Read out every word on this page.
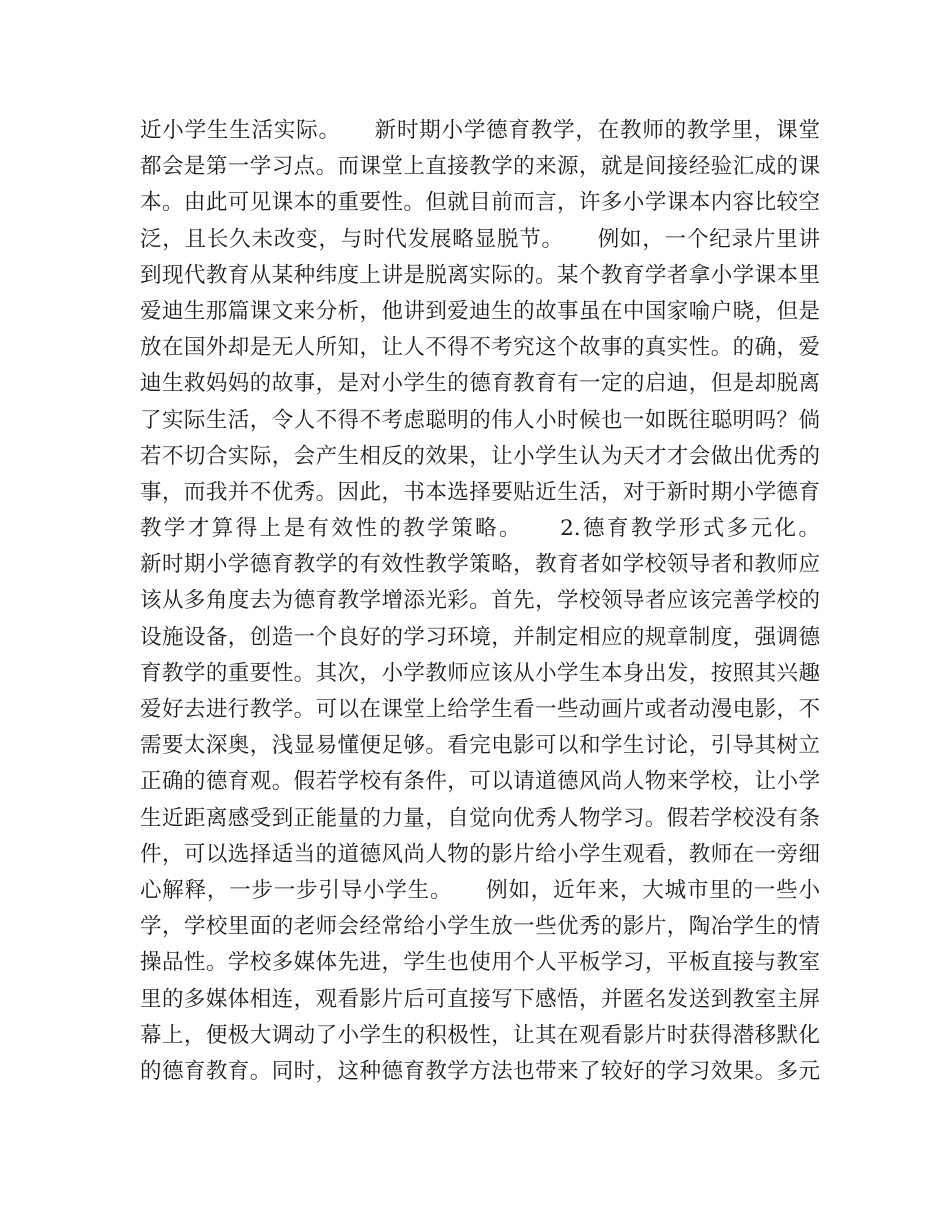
近小学生生活实际。　　新时期小学德育教学，在教师的教学里，课堂
都会是第一学习点。而课堂上直接教学的来源，就是间接经验汇成的课
本。由此可见课本的重要性。但就目前而言，许多小学课本内容比较空
泛，且长久未改变，与时代发展略显脱节。　　例如，一个纪录片里讲
到现代教育从某种纬度上讲是脱离实际的。某个教育学者拿小学课本里
爱迪生那篇课文来分析，他讲到爱迪生的故事虽在中国家喻户晓，但是
放在国外却是无人所知，让人不得不考究这个故事的真实性。的确，爱
迪生救妈妈的故事，是对小学生的德育教育有一定的启迪，但是却脱离
了实际生活，令人不得不考虑聪明的伟人小时候也一如既往聪明吗？倘
若不切合实际，会产生相反的效果，让小学生认为天才才会做出优秀的
事，而我并不优秀。因此，书本选择要贴近生活，对于新时期小学德育
教学才算得上是有效性的教学策略。　　2.德育教学形式多元化。
新时期小学德育教学的有效性教学策略，教育者如学校领导者和教师应
该从多角度去为德育教学增添光彩。首先，学校领导者应该完善学校的
设施设备，创造一个良好的学习环境，并制定相应的规章制度，强调德
育教学的重要性。其次，小学教师应该从小学生本身出发，按照其兴趣
爱好去进行教学。可以在课堂上给学生看一些动画片或者动漫电影，不
需要太深奥，浅显易懂便足够。看完电影可以和学生讨论，引导其树立
正确的德育观。假若学校有条件，可以请道德风尚人物来学校，让小学
生近距离感受到正能量的力量，自觉向优秀人物学习。假若学校没有条
件，可以选择适当的道德风尚人物的影片给小学生观看，教师在一旁细
心解释，一步一步引导小学生。　　例如，近年来，大城市里的一些小
学，学校里面的老师会经常给小学生放一些优秀的影片，陶冶学生的情
操品性。学校多媒体先进，学生也使用个人平板学习，平板直接与教室
里的多媒体相连，观看影片后可直接写下感悟，并匿名发送到教室主屏
幕上，便极大调动了小学生的积极性，让其在观看影片时获得潜移默化
的德育教育。同时，这种德育教学方法也带来了较好的学习效果。多元
